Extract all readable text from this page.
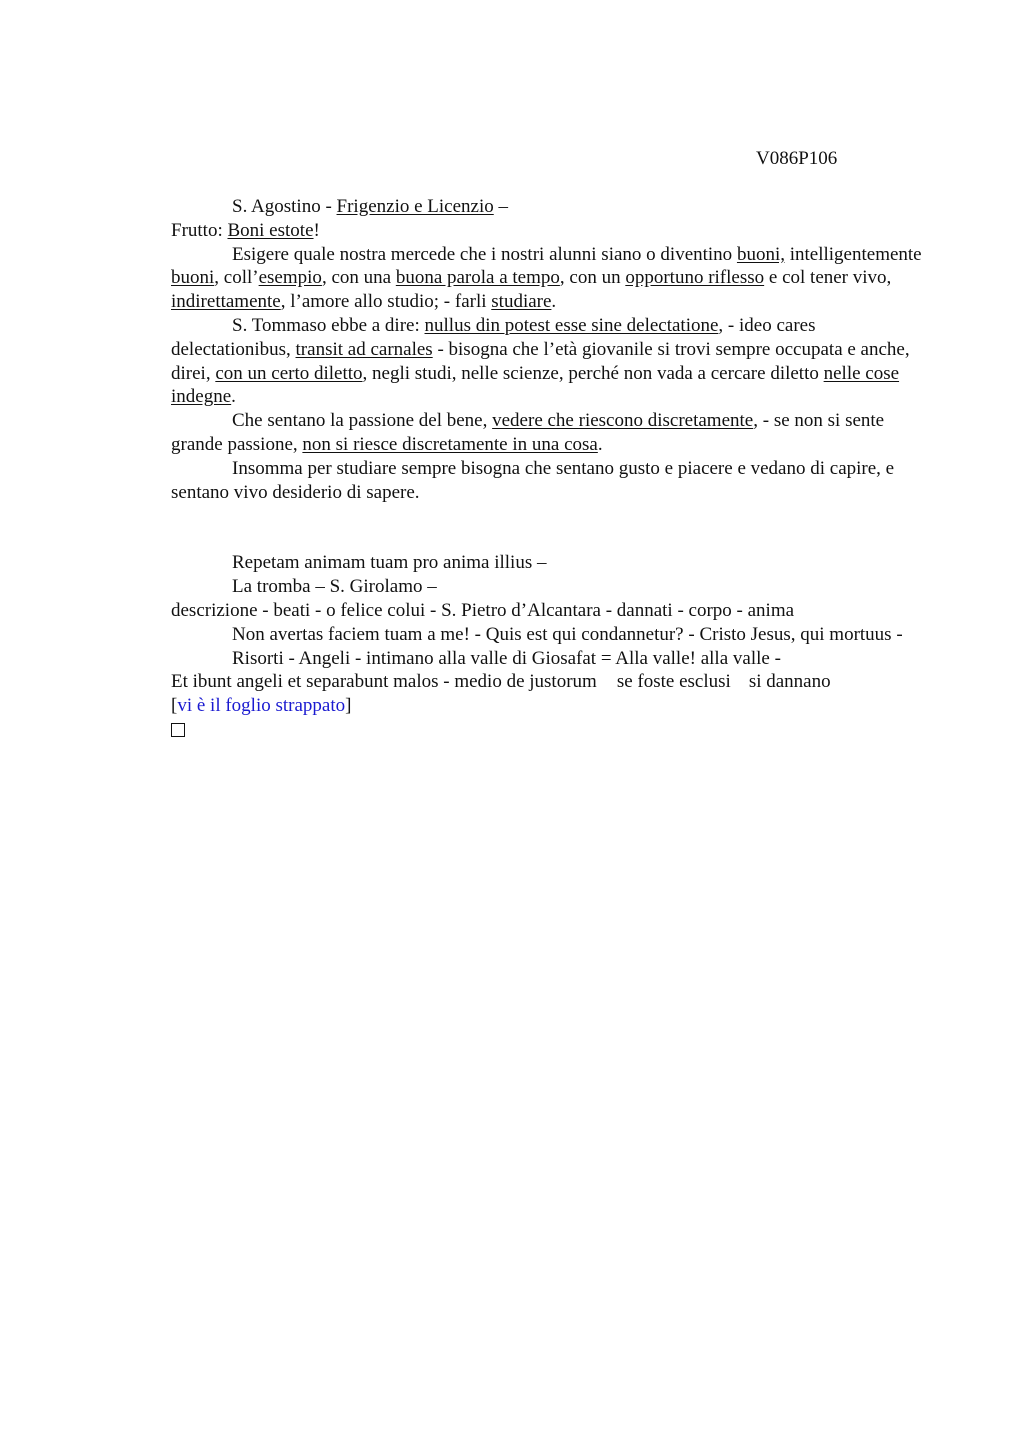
V086P106

S. Agostino - Frigenzio e Licenzio –

Frutto: Boni estote!

Esigere quale nostra mercede che i nostri alunni siano o diventino buoni, intelligentemente buoni, coll’esempio, con una buona parola a tempo, con un opportuno riflesso e col tener vivo, indirettamente, l’amore allo studio; - farli studiare.

S. Tommaso ebbe a dire: nullus din potest esse sine delectatione, - ideo cares delectationibus, transit ad carnales - bisogna che l’età giovanile si trovi sempre occupata e anche, direi, con un certo diletto, negli studi, nelle scienze, perché non vada a cercare diletto nelle cose indegne.

Che sentano la passione del bene, vedere che riescono discretamente, - se non si sente grande passione, non si riesce discretamente in una cosa.

Insomma per studiare sempre bisogna che sentano gusto e piacere e vedano di capire, e sentano vivo desiderio di sapere.

Repetam animam tuam pro anima illius –

La tromba – S. Girolamo –

descrizione - beati - o felice colui - S. Pietro d’Alcantara - dannati - corpo - anima

Non avertas faciem tuam a me! - Quis est qui condannetur? - Cristo Jesus, qui mortuus -

Risorti - Angeli - intimano alla valle di Giosafat = Alla valle! alla valle -

Et ibunt angeli et separabunt malos - medio de justorum se foste esclusi si dannano

[vi è il foglio strappato]
